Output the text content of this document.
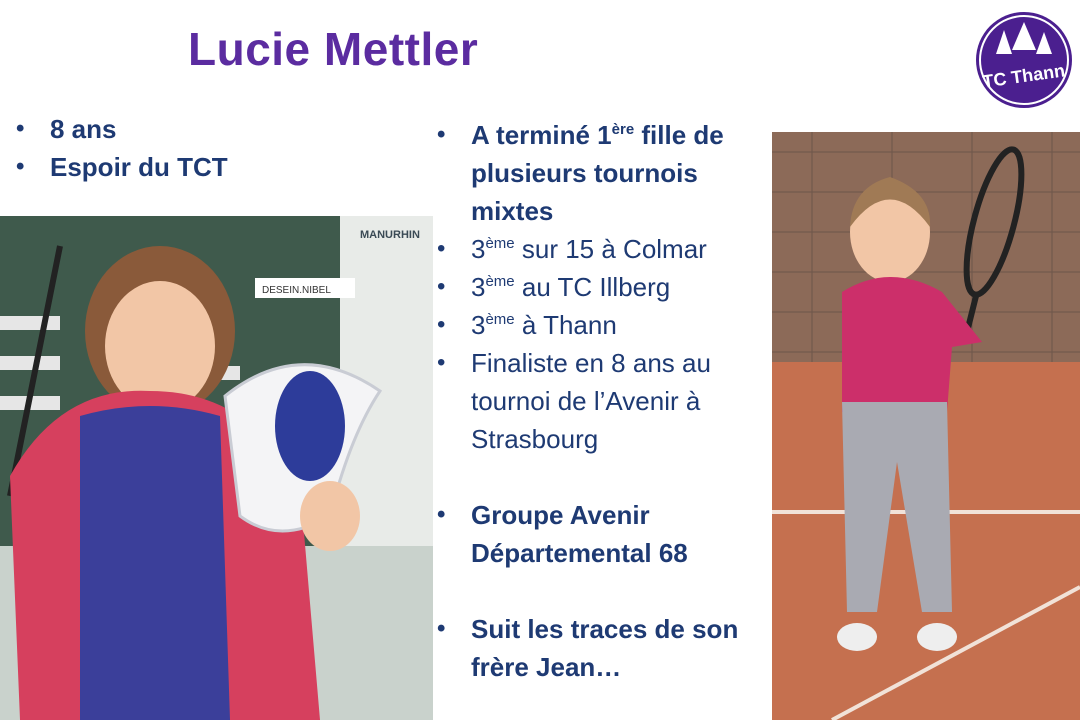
Lucie Mettler
TC Thann
• 8 ans
• Espoir du TCT
• A terminé 1ère fille de plusieurs tournois mixtes
• 3ème sur 15 à Colmar
• 3ème au TC Illberg
• 3ème à Thann
• Finaliste en 8 ans au tournoi de l’Avenir à Strasbourg
• Groupe Avenir Départemental 68
• Suit les traces de son frère Jean…
DESEIN.NIBEL
MANURHIN
